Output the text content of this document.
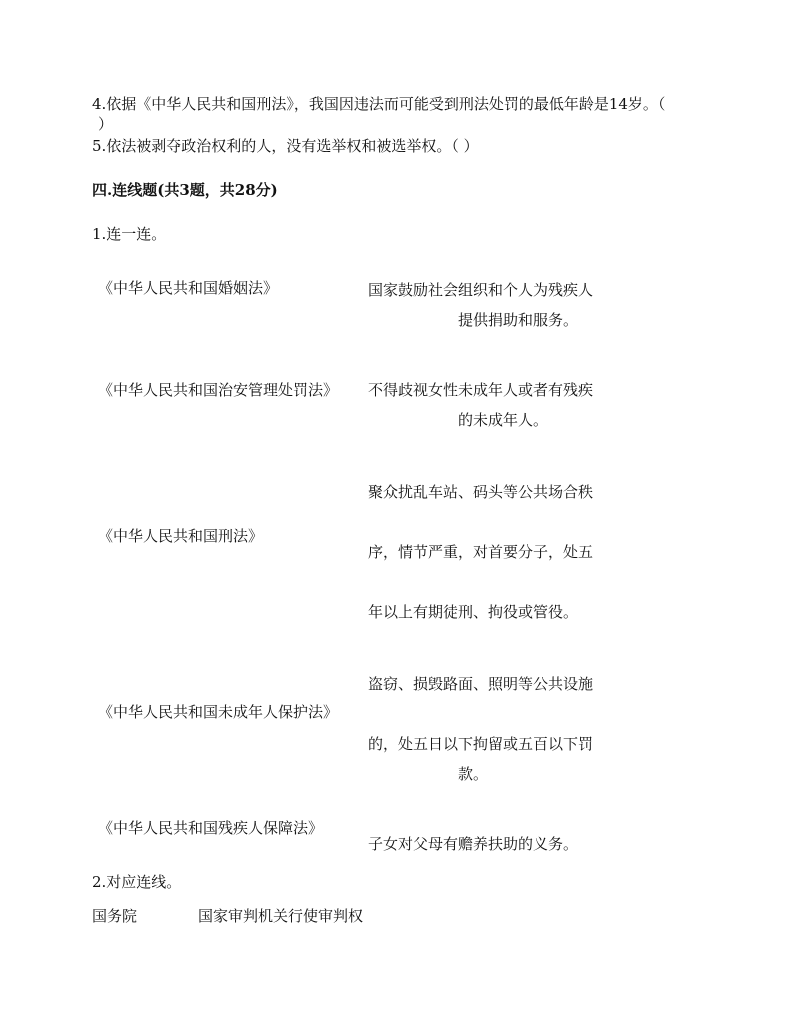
4.依据《中华人民共和国刑法》，我国因违法而可能受到刑法处罚的最低年龄是14岁。（
）
5.依法被剥夺政治权利的人，没有选举权和被选举权。（ ）
四.连线题(共3题，共28分)
1.连一连。
《中华人民共和国婚姻法》
《中华人民共和国治安管理处罚法》
《中华人民共和国刑法》
《中华人民共和国未成年人保护法》
《中华人民共和国残疾人保障法》
国家鼓励社会组织和个人为残疾人
提供捐助和服务。
不得歧视女性未成年人或者有残疾
的未成年人。
聚众扰乱车站、码头等公共场合秩
序，情节严重，对首要分子，处五
年以上有期徒刑、拘役或管役。
盗窃、损毁路面、照明等公共设施
的，处五日以下拘留或五百以下罚
款。
子女对父母有赡养扶助的义务。
2.对应连线。
国务院	国家审判机关行使审判权
